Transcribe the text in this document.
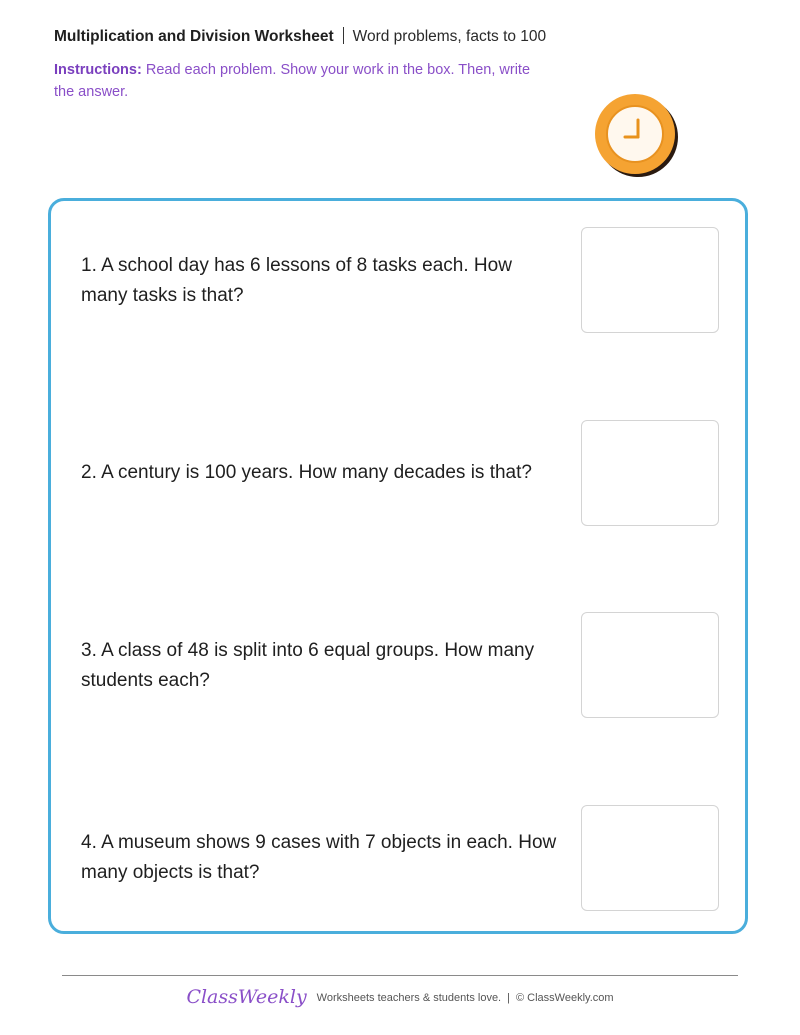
Multiplication and Division Worksheet Word problems, facts to 100
Instructions: Read each problem. Show your work in the box. Then, write the answer.
1. A school day has 6 lessons of 8 tasks each. How many tasks is that?
2. A century is 100 years. How many decades is that?
3. A class of 48 is split into 6 equal groups. How many students each?
4. A museum shows 9 cases with 7 objects in each. How many objects is that?
ClassWeekly Worksheets teachers & students love. | © ClassWeekly.com
